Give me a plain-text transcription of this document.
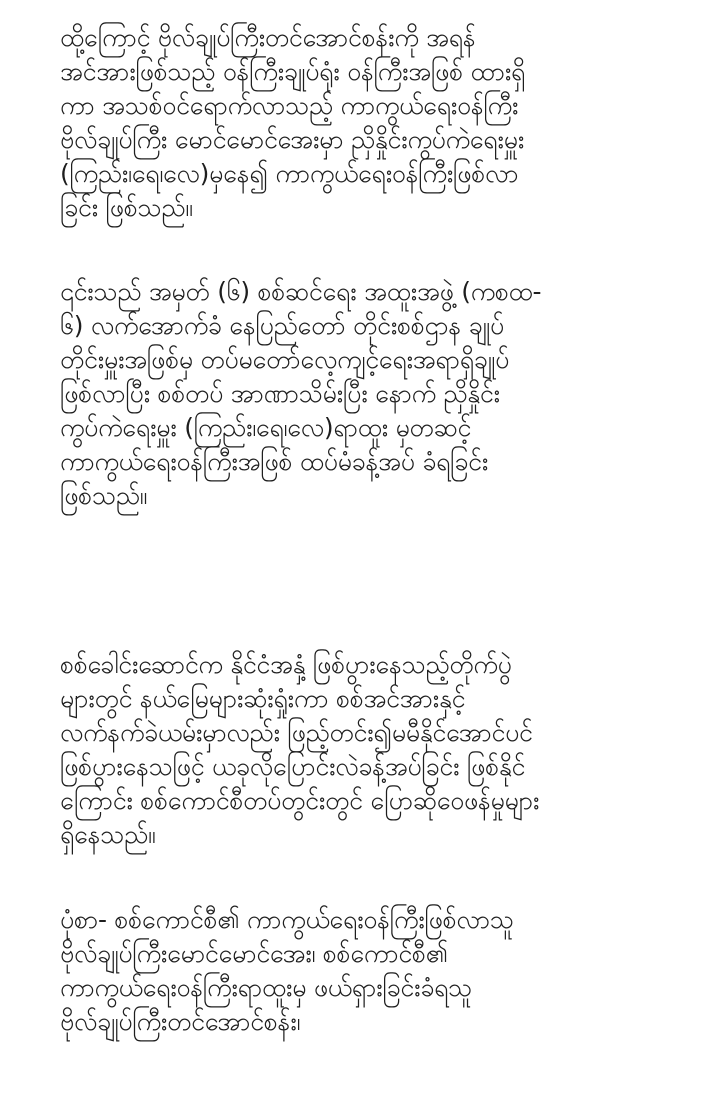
ထို့ကြောင့် ဗိုလ်ချုပ်ကြီးတင်အောင်စန်းကို အရန်
အင်အားဖြစ်သည့် ဝန်ကြီးချုပ်ရုံး ဝန်ကြီးအဖြစ် ထားရှိ
ကာ အသစ်ဝင်ရောက်လာသည့် ကာကွယ်ရေးဝန်ကြီး
ဗိုလ်ချုပ်ကြီး မောင်မောင်အေးမှာ ညှိနှိုင်းကွပ်ကဲရေးမှူး
(ကြည်း၊ရေ၊လေ)မှနေ၍ ကာကွယ်ရေးဝန်ကြီးဖြစ်လာ
ခြင်း ဖြစ်သည်။
၎င်းသည် အမှတ် (၆) စစ်ဆင်ရေး အထူးအဖွဲ့ (ကစထ-
၆) လက်အောက်ခံ နေပြည်တော် တိုင်းစစ်ဌာန ချုပ်
တိုင်းမှူးအဖြစ်မှ တပ်မတော်လေ့ကျင့်ရေးအရာရှိချုပ်
ဖြစ်လာပြီး စစ်တပ် အာဏာသိမ်းပြီး နောက် ညှိနှိုင်း
ကွပ်ကဲရေးမှူး (ကြည်း၊ရေ၊လေ)ရာထူး မှတဆင့်
ကာကွယ်ရေးဝန်ကြီးအဖြစ် ထပ်မံခန့်အပ် ခံရခြင်း
ဖြစ်သည်။
စစ်ခေါင်းဆောင်က နိုင်ငံအနှံ့ ဖြစ်ပွားနေသည့်တိုက်ပွဲ
များတွင် နယ်မြေများဆုံးရှုံးကာ စစ်အင်အားနှင့်
လက်နက်ခဲယမ်းမှာလည်း ဖြည့်တင်း၍မမီနိုင်အောင်ပင်
ဖြစ်ပွားနေသဖြင့် ယခုလိုပြောင်းလဲခန့်အပ်ခြင်း ဖြစ်နိုင်
ကြောင်း စစ်ကောင်စီတပ်တွင်းတွင် ပြောဆိုဝေဖန်မှုများ
ရှိနေသည်။
ပုံစာ- စစ်ကောင်စီ၏ ကာကွယ်ရေးဝန်ကြီးဖြစ်လာသူ
ဗိုလ်ချုပ်ကြီးမောင်မောင်အေး၊ စစ်ကောင်စီ၏
ကာကွယ်ရေးဝန်ကြီးရာထူးမှ ဖယ်ရှားခြင်းခံရသူ
ဗိုလ်ချုပ်ကြီးတင်အောင်စန်း၊
